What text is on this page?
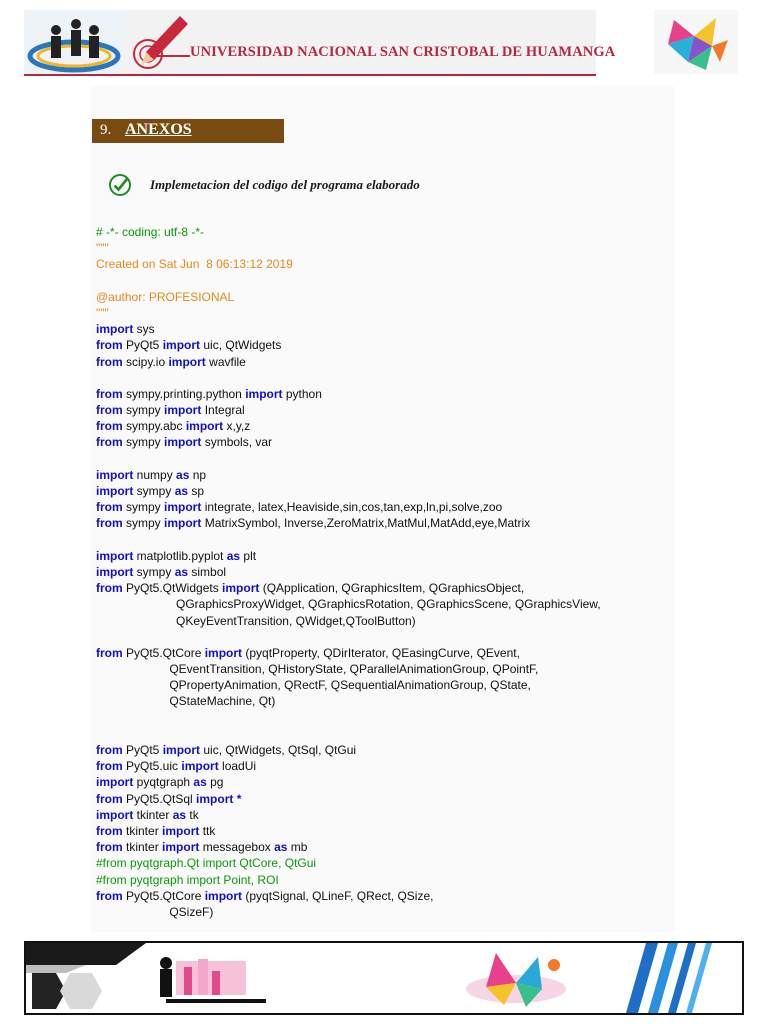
UNIVERSIDAD NACIONAL SAN CRISTOBAL DE HUAMANGA
9. ANEXOS
Implemetacion del codigo del programa elaborado
# -*- coding: utf-8 -*-
"""
Created on Sat Jun  8 06:13:12 2019

@author: PROFESIONAL
"""
import sys
from PyQt5 import uic, QtWidgets
from scipy.io import wavfile

from sympy.printing.python import python
from sympy import Integral
from sympy.abc import x,y,z
from sympy import symbols, var

import numpy as np
import sympy as sp
from sympy import integrate, latex,Heaviside,sin,cos,tan,exp,ln,pi,solve,zoo
from sympy import MatrixSymbol, Inverse,ZeroMatrix,MatMul,MatAdd,eye,Matrix

import matplotlib.pyplot as plt
import sympy as simbol
from PyQt5.QtWidgets import (QApplication, QGraphicsItem, QGraphicsObject,
QGraphicsProxyWidget, QGraphicsRotation, QGraphicsScene, QGraphicsView,
QKeyEventTransition, QWidget,QToolButton)

from PyQt5.QtCore import (pyqtProperty, QDirIterator, QEasingCurve, QEvent,
QEventTransition, QHistoryState, QParallelAnimationGroup, QPointF,
QPropertyAnimation, QRectF, QSequentialAnimationGroup, QState,
QStateMachine, Qt)

from PyQt5 import uic, QtWidgets, QtSql, QtGui
from PyQt5.uic import loadUi
import pyqtgraph as pg
from PyQt5.QtSql import *
import tkinter as tk
from tkinter import ttk
from tkinter import messagebox as mb
#from pyqtgraph.Qt import QtCore, QtGui
#from pyqtgraph import Point, ROI
from PyQt5.QtCore import (pyqtSignal, QLineF, QRect, QSize,
QSizeF)
